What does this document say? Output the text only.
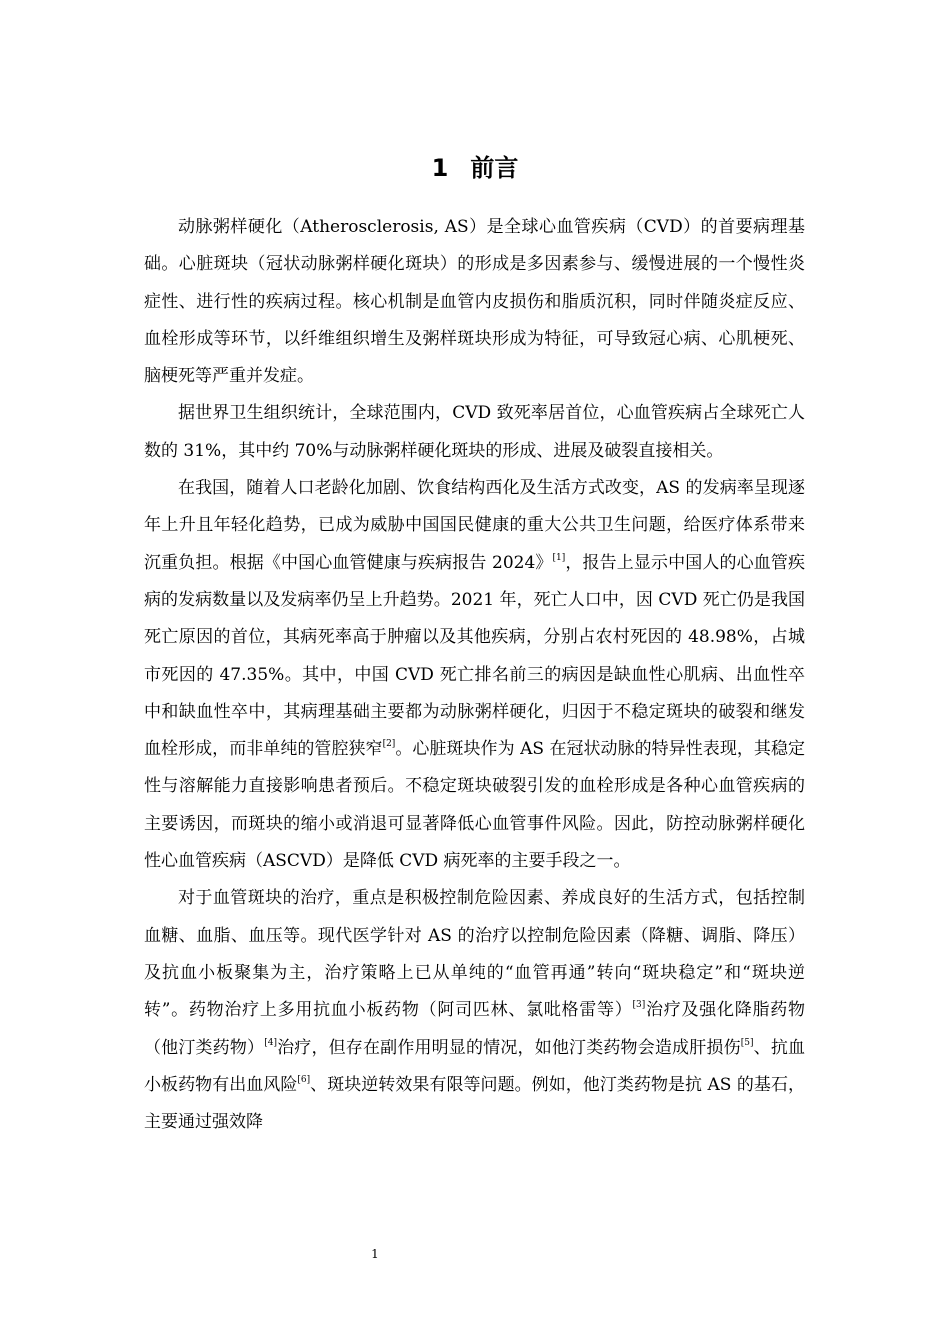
1 前言

动脉粥样硬化（Atherosclerosis, AS）是全球心血管疾病（CVD）的首要病理基础。心脏斑块（冠状动脉粥样硬化斑块）的形成是多因素参与、缓慢进展的一个慢性炎症性、进行性的疾病过程。核心机制是血管内皮损伤和脂质沉积，同时伴随炎症反应、血栓形成等环节，以纤维组织增生及粥样斑块形成为特征，可导致冠心病、心肌梗死、脑梗死等严重并发症。

据世界卫生组织统计，全球范围内，CVD 致死率居首位，心血管疾病占全球死亡人数的 31%，其中约 70%与动脉粥样硬化斑块的形成、进展及破裂直接相关。

在我国，随着人口老龄化加剧、饮食结构西化及生活方式改变，AS 的发病率呈现逐年上升且年轻化趋势，已成为威胁中国国民健康的重大公共卫生问题，给医疗体系带来沉重负担。根据《中国心血管健康与疾病报告 2024》[1]，报告上显示中国人的心血管疾病的发病数量以及发病率仍呈上升趋势。2021 年，死亡人口中，因 CVD 死亡仍是我国死亡原因的首位，其病死率高于肿瘤以及其他疾病，分别占农村死因的 48.98%，占城市死因的 47.35%。其中，中国 CVD 死亡排名前三的病因是缺血性心肌病、出血性卒中和缺血性卒中，其病理基础主要都为动脉粥样硬化，归因于不稳定斑块的破裂和继发血栓形成，而非单纯的管腔狭窄[2]。心脏斑块作为 AS 在冠状动脉的特异性表现，其稳定性与溶解能力直接影响患者预后。不稳定斑块破裂引发的血栓形成是各种心血管疾病的主要诱因，而斑块的缩小或消退可显著降低心血管事件风险。因此，防控动脉粥样硬化性心血管疾病（ASCVD）是降低 CVD 病死率的主要手段之一。

对于血管斑块的治疗，重点是积极控制危险因素、养成良好的生活方式，包括控制血糖、血脂、血压等。现代医学针对 AS 的治疗以控制危险因素（降糖、调脂、降压）及抗血小板聚集为主，治疗策略上已从单纯的“血管再通”转向“斑块稳定”和“斑块逆转”。药物治疗上多用抗血小板药物（阿司匹林、氯吡格雷等）[3]治疗及强化降脂药物（他汀类药物）[4]治疗，但存在副作用明显的情况，如他汀类药物会造成肝损伤[5]、抗血小板药物有出血风险[6]、斑块逆转效果有限等问题。例如，他汀类药物是抗 AS 的基石，主要通过强效降

1
